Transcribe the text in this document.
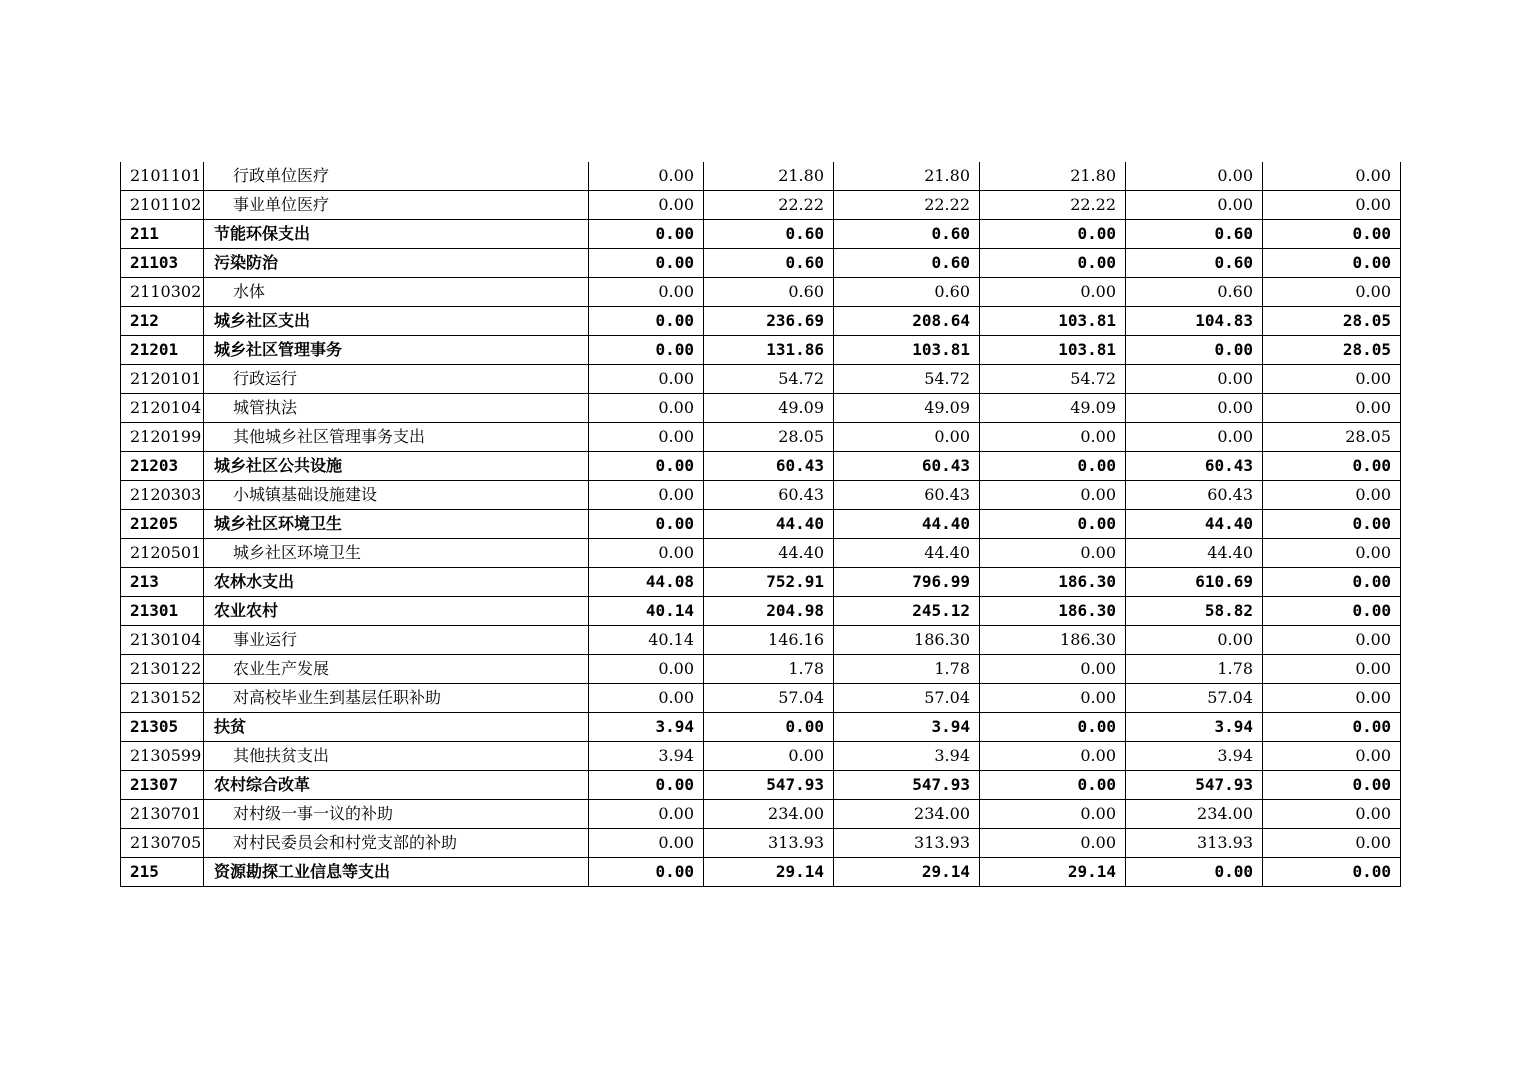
2101101	行政单位医疗	0.00	21.80	21.80	21.80	0.00	0.00
2101102	事业单位医疗	0.00	22.22	22.22	22.22	0.00	0.00
211	节能环保支出	0.00	0.60	0.60	0.00	0.60	0.00
21103	污染防治	0.00	0.60	0.60	0.00	0.60	0.00
2110302	水体	0.00	0.60	0.60	0.00	0.60	0.00
212	城乡社区支出	0.00	236.69	208.64	103.81	104.83	28.05
21201	城乡社区管理事务	0.00	131.86	103.81	103.81	0.00	28.05
2120101	行政运行	0.00	54.72	54.72	54.72	0.00	0.00
2120104	城管执法	0.00	49.09	49.09	49.09	0.00	0.00
2120199	其他城乡社区管理事务支出	0.00	28.05	0.00	0.00	0.00	28.05
21203	城乡社区公共设施	0.00	60.43	60.43	0.00	60.43	0.00
2120303	小城镇基础设施建设	0.00	60.43	60.43	0.00	60.43	0.00
21205	城乡社区环境卫生	0.00	44.40	44.40	0.00	44.40	0.00
2120501	城乡社区环境卫生	0.00	44.40	44.40	0.00	44.40	0.00
213	农林水支出	44.08	752.91	796.99	186.30	610.69	0.00
21301	农业农村	40.14	204.98	245.12	186.30	58.82	0.00
2130104	事业运行	40.14	146.16	186.30	186.30	0.00	0.00
2130122	农业生产发展	0.00	1.78	1.78	0.00	1.78	0.00
2130152	对高校毕业生到基层任职补助	0.00	57.04	57.04	0.00	57.04	0.00
21305	扶贫	3.94	0.00	3.94	0.00	3.94	0.00
2130599	其他扶贫支出	3.94	0.00	3.94	0.00	3.94	0.00
21307	农村综合改革	0.00	547.93	547.93	0.00	547.93	0.00
2130701	对村级一事一议的补助	0.00	234.00	234.00	0.00	234.00	0.00
2130705	对村民委员会和村党支部的补助	0.00	313.93	313.93	0.00	313.93	0.00
215	资源勘探工业信息等支出	0.00	29.14	29.14	29.14	0.00	0.00
